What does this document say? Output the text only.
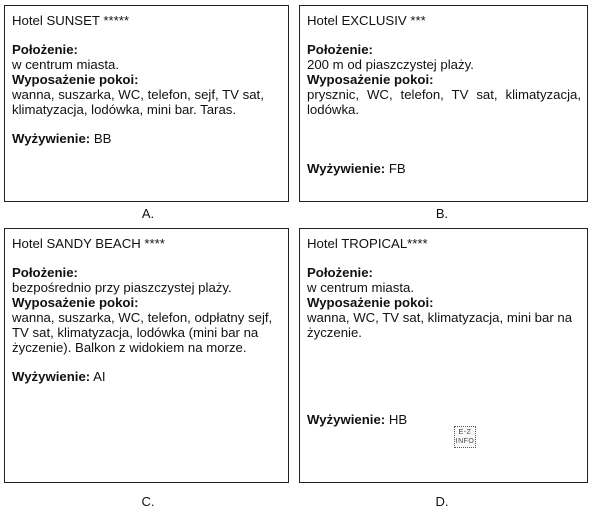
Hotel SUNSET *****
Położenie:
w centrum miasta.
Wyposażenie pokoi:
wanna, suszarka, WC, telefon, sejf, TV sat, klimatyzacja, lodówka, mini bar. Taras.
Wyżywienie: BB
A.
Hotel EXCLUSIV ***
Położenie:
200 m od piaszczystej plaży.
Wyposażenie pokoi:
prysznic, WC, telefon, TV sat, klimatyzacja, lodówka.
Wyżywienie: FB
B.
Hotel SANDY BEACH ****
Położenie:
bezpośrednio przy piaszczystej plaży.
Wyposażenie pokoi:
wanna, suszarka, WC, telefon, odpłatny sejf, TV sat, klimatyzacja, lodówka (mini bar na życzenie). Balkon z widokiem na morze.
Wyżywienie: AI
C.
Hotel TROPICAL****
Położenie:
w centrum miasta.
Wyposażenie pokoi:
wanna, WC, TV sat, klimatyzacja, mini bar na życzenie.
Wyżywienie: HB
E-Z INFO
D.
